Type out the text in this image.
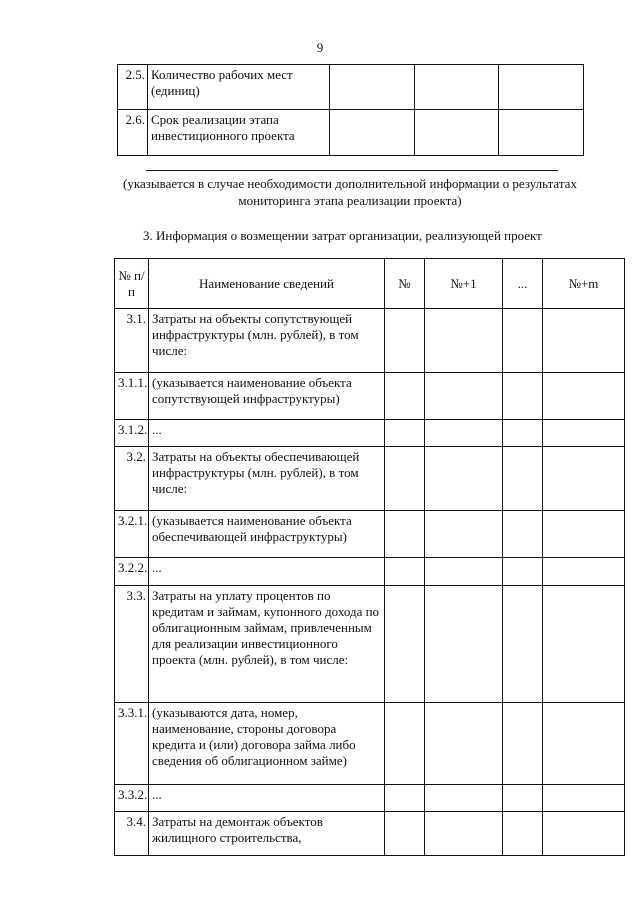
9
2.5.	Количество рабочих мест (единиц)			
2.6.	Срок реализации этапа инвестиционного проекта			
(указывается в случае необходимости дополнительной информации о результатах мониторинга этапа реализации проекта)
3. Информация о возмещении затрат организации, реализующей проект
№ п/п	Наименование сведений	№	№+1	...	№+m
3.1.	Затраты на объекты сопутствующей инфраструктуры (млн. рублей), в том числе:				
3.1.1.	(указывается наименование объекта сопутствующей инфраструктуры)				
3.1.2.	...				
3.2.	Затраты на объекты обеспечивающей инфраструктуры (млн. рублей), в том числе:				
3.2.1.	(указывается наименование объекта обеспечивающей инфраструктуры)				
3.2.2.	...				
3.3.	Затраты на уплату процентов по кредитам и займам, купонного дохода по облигационным займам, привлеченным для реализации инвестиционного проекта (млн. рублей), в том числе:				
3.3.1.	(указываются дата, номер, наименование, стороны договора кредита и (или) договора займа либо сведения об облигационном займе)				
3.3.2.	...				
3.4.	Затраты на демонтаж объектов жилищного строительства,				
